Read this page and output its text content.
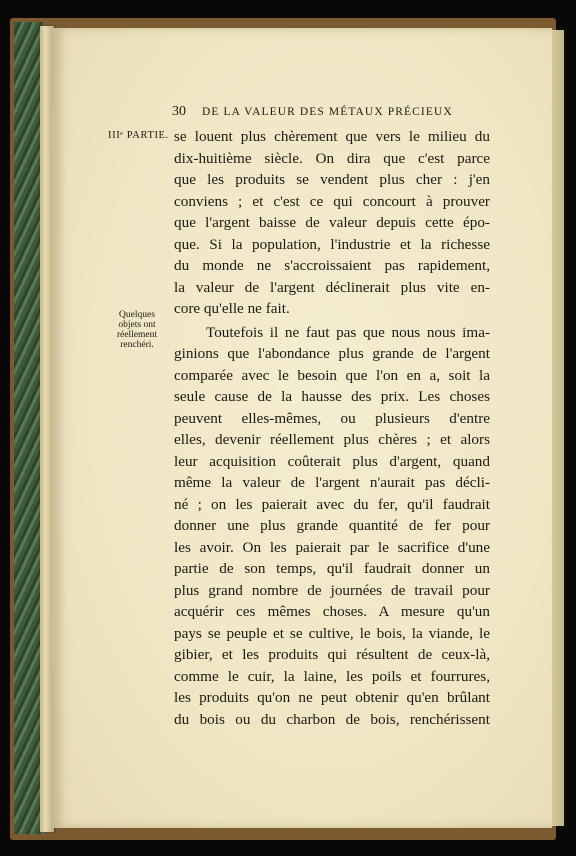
30 DE LA VALEUR DES MÉTAUX PRÉCIEUX
IIIᵉ PARTIE.
Quelques
objets ont
réellement
renchéri.
se louent plus chèrement que vers le milieu du
dix-huitième siècle. On dira que c'est parce
que les produits se vendent plus cher : j'en
conviens ; et c'est ce qui concourt à prouver
que l'argent baisse de valeur depuis cette épo-
que. Si la population, l'industrie et la richesse
du monde ne s'accroissaient pas rapidement,
la valeur de l'argent déclinerait plus vite en-
core qu'elle ne fait.
Toutefois il ne faut pas que nous nous ima-
ginions que l'abondance plus grande de l'argent
comparée avec le besoin que l'on en a, soit la
seule cause de la hausse des prix. Les choses
peuvent elles-mêmes, ou plusieurs d'entre
elles, devenir réellement plus chères ; et alors
leur acquisition coûterait plus d'argent, quand
même la valeur de l'argent n'aurait pas décli-
né ; on les paierait avec du fer, qu'il faudrait
donner une plus grande quantité de fer pour
les avoir. On les paierait par le sacrifice d'une
partie de son temps, qu'il faudrait donner un
plus grand nombre de journées de travail pour
acquérir ces mêmes choses. A mesure qu'un
pays se peuple et se cultive, le bois, la viande, le
gibier, et les produits qui résultent de ceux-là,
comme le cuir, la laine, les poils et fourrures,
les produits qu'on ne peut obtenir qu'en brûlant
du bois ou du charbon de bois, renchérissent
